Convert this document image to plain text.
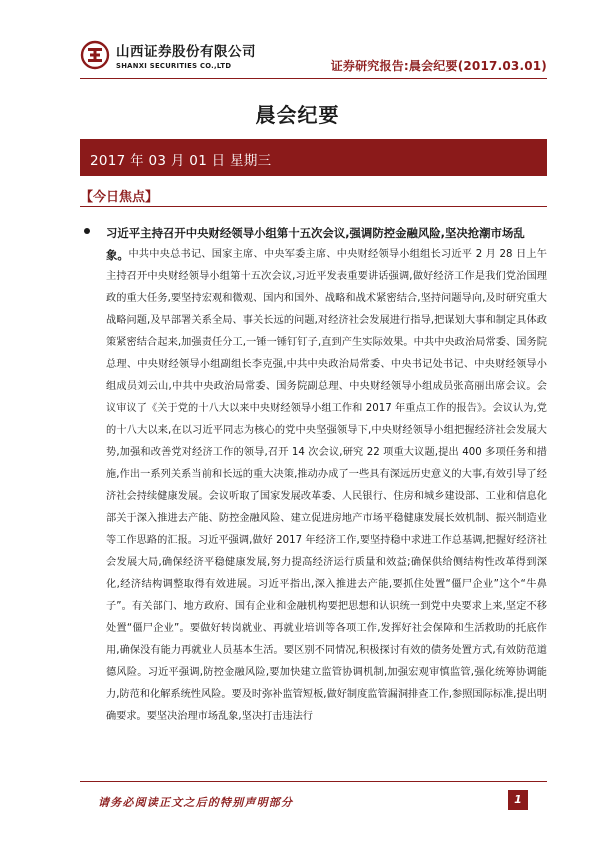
山西证券股份有限公司
SHANXI SECURITIES CO.,LTD	证券研究报告:晨会纪要(2017.03.01)
晨会纪要
2017 年 03 月 01 日 星期三
【今日焦点】
习近平主持召开中央财经领导小组第十五次会议,强调防控金融风险,坚决抢潮市场乱象。 中共中央总书记、国家主席、中央军委主席、中央财经领导小组组长习近平 2 月 28 日上午主持召开中央财经领导小组第十五次会议,习近平发表重要讲话强调,做好经济工作是我们党治国理政的重大任务,要坚持宏观和微观、国内和国外、战略和战术紧密结合,坚持问题导向,及时研究重大战略问题,及早部署关系全局、事关长远的问题,对经济社会发展进行指导,把谋划大事和制定具体政策紧密结合起来,加强责任分工,一锤一锤钉钉子,直到产生实际效果。中共中央政治局常委、国务院总理、中央财经领导小组副组长李克强,中共中央政治局常委、中央书记处书记、中央财经领导小组成员刘云山,中共中央政治局常委、国务院副总理、中央财经领导小组成员张高丽出席会议。会议审议了《关于党的十八大以来中央财经领导小组工作和 2017 年重点工作的报告》。会议认为,党的十八大以来,在以习近平同志为核心的党中央坚强领导下,中央财经领导小组把握经济社会发展大势,加强和改善党对经济工作的领导,召开 14 次会议,研究 22 项重大议题,提出 400 多项任务和措施,作出一系列关系当前和长远的重大决策,推动办成了一些具有深远历史意义的大事,有效引导了经济社会持续健康发展。会议听取了国家发展改革委、人民银行、住房和城乡建设部、工业和信息化部关于深入推进去产能、防控金融风险、建立促进房地产市场平稳健康发展长效机制、振兴制造业等工作思路的汇报。习近平强调,做好 2017 年经济工作,要坚持稳中求进工作总基调,把握好经济社会发展大局,确保经济平稳健康发展,努力提高经济运行质量和效益;确保供给侧结构性改革得到深化,经济结构调整取得有效进展。习近平指出,深入推进去产能,要抓住处置“僵尸企业”这个“牛鼻子”。有关部门、地方政府、国有企业和金融机构要把思想和认识统一到党中央要求上来,坚定不移处置“僵尸企业”。要做好转岗就业、再就业培训等各项工作,发挥好社会保障和生活救助的托底作用,确保没有能力再就业人员基本生活。要区别不同情况,积极探讨有效的债务处置方式,有效防范道德风险。习近平强调,防控金融风险,要加快建立监管协调机制,加强宏观审慎监管,强化统筹协调能力,防范和化解系统性风险。要及时弥补监管短板,做好制度监管漏洞排查工作,参照国际标准,提出明确要求。要坚决治理市场乱象,坚决打击违法行
请务必阅读正文之后的特别声明部分	1
